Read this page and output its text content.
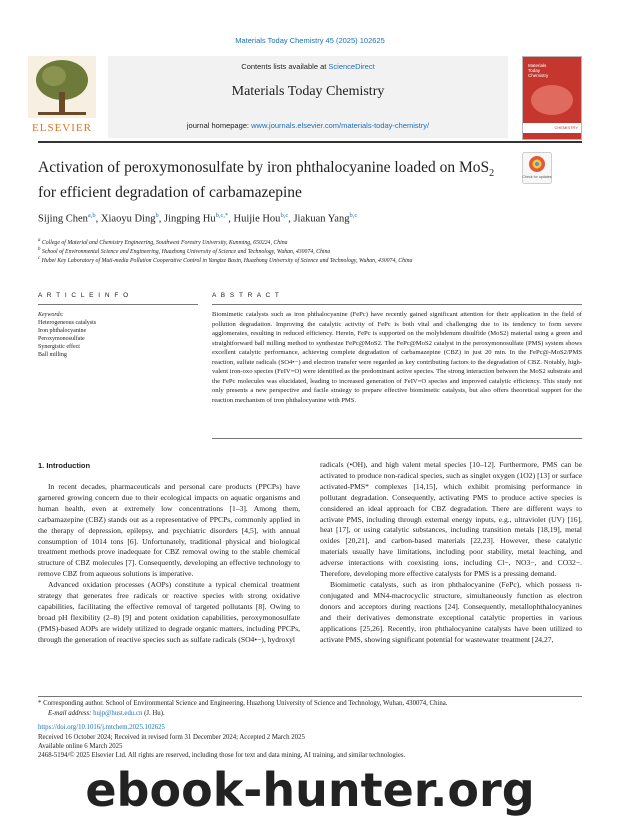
Materials Today Chemistry 45 (2025) 102625
ELSEVIER
Contents lists available at ScienceDirect
Materials Today Chemistry
journal homepage: www.journals.elsevier.com/materials-today-chemistry/
Materials
Today
Chemistry
CHEMISTRY
Activation of peroxymonosulfate by iron phthalocyanine loaded on MoS$_2$
for efficient degradation of carbamazepine
Check for updates
Sijing Chen$^{a,b}$, Xiaoyu Ding$^b$, Jingping $Hu^{b,c,*}$, Huijie Hou$^{b,c}$, Jiakuan Yang$^{b,c}$
$^a$ College of Material and Chemistry Engineering, Southwest Forestry University, Kunming, 650224, China
$^b$ School of Environmental Science and Engineering, Huazhong University of Science and Technology, Wuhan, 430074, China
$^c$ Hubei Key Laboratory of Muti-media Pollution Cooperative Control in Yangtze Basin, Huazhong University of Science and Technology, Wuhan, 430074, China
A R T I C L E I N F O	A B S T R A C T
Keywords:
Heterogeneous catalysts
Iron phthalocyanine
Peroxymonosulfate
Synergistic effect
Ball milling
Biomimetic catalysts such as iron phthalocyanine (FePc) have recently gained significant attention for their application in the field of pollution degradation. Improving the catalytic activity of FePc is both vital and challenging due to its tendency to form severe agglomerates, resulting in reduced efficiency. Herein, FePc is supported on the molybdenum disulfide (MoS2) material using a green and straightforward ball milling method to synthesize FePc@MoS2. The FePc@MoS2 catalyst in the peroxymonosulfate (PMS) system shows excellent catalytic performance, achieving complete degradation of carbamazepine (CBZ) in just 20 min. In the FePc@-MoS2/PMS reaction, sulfate radicals (SO4•−) and electron transfer were regarded as key contributing factors to the degradation of CBZ. Notably, high-valent iron-oxo species (FeIV=O) were identified as the predominant active species. The strong interaction between the MoS2 substrate and the FePc molecules was elucidated, leading to increased generation of FeIV=O species and improved catalytic efficiency. This study not only presents a new perspective and facile strategy to prepare effective biomimetic catalysts, but also offers theoretical support for the reaction mechanism of iron phthalocyanine with PMS.
1. Introduction

In recent decades, pharmaceuticals and personal care products (PPCPs) have garnered growing concern due to their ecological impacts on aquatic organisms and human health, even at extremely low concentrations [1–3]. Among them, carbamazepine (CBZ) stands out as a representative of PPCPs, commonly applied in the therapy of depression, epilepsy, and psychiatric disorders [4,5], with annual consumption of 1014 tons [6]. Unfortunately, traditional physical and biological treatment methods prove inadequate for CBZ removal owing to the stable chemical structure of CBZ molecules [7]. Consequently, developing an effective technology to remove CBZ from aqueous solutions is imperative.

Advanced oxidation processes (AOPs) constitute a typical chemical treatment strategy that generates free radicals or reactive species with strong oxidative capabilities, facilitating the effective removal of targeted pollutants [8]. Owing to broad pH flexibility (2–8) [9] and potent oxidation capabilities, peroxymonosulfate (PMS)-based AOPs are widely utilized to degrade organic matters, including PPCPs, through the generation of reactive species such as sulfate radicals (SO4•−), hydroxyl

radicals (•OH), and high valent metal species [10–12]. Furthermore, PMS can be activated to produce non-radical species, such as singlet oxygen (1O2) [13] or surface activated-PMS* complexes [14,15], which exhibit promising performance in pollutant degradation. Consequently, activating PMS to produce active species is considered an ideal approach for CBZ degradation. There are different ways to activate PMS, including through external energy inputs, e.g., ultraviolet (UV) [16], heat [17], or using catalytic substances, including transition metals [18,19], metal oxides [20,21], and carbon-based materials [22,23]. However, these catalytic materials usually have limitations, including poor stability, metal leaching, and adverse interactions with coexisting ions, including Cl−, NO3−, and CO32−. Therefore, developing more effective catalysts for PMS is a pressing demand.

Biomimetic catalysts, such as iron phthalocyanine (FePc), which possess π-conjugated and MN4-macrocyclic structure, simultaneously function as electron donors and acceptors during reactions [24]. Consequently, metallophthalocyanines and their derivatives demonstrate exceptional catalytic properties in various applications [25,26]. Recently, iron phthalocyanine catalysts have been utilized to activate PMS, showing significant potential for wastewater treatment [24,27,

* Corresponding author. School of Environmental Science and Engineering, Huazhong University of Science and Technology, Wuhan, 430074, China.
E-mail address: hujp@hust.edu.cn (J. Hu).
https://doi.org/10.1016/j.mtchem.2025.102625
Received 16 October 2024; Received in revised form 31 December 2024; Accepted 2 March 2025
Available online 6 March 2025
2468-5194/© 2025 Elsevier Ltd. All rights are reserved, including those for text and data mining, AI training, and similar technologies.
ebook-hunter.org
